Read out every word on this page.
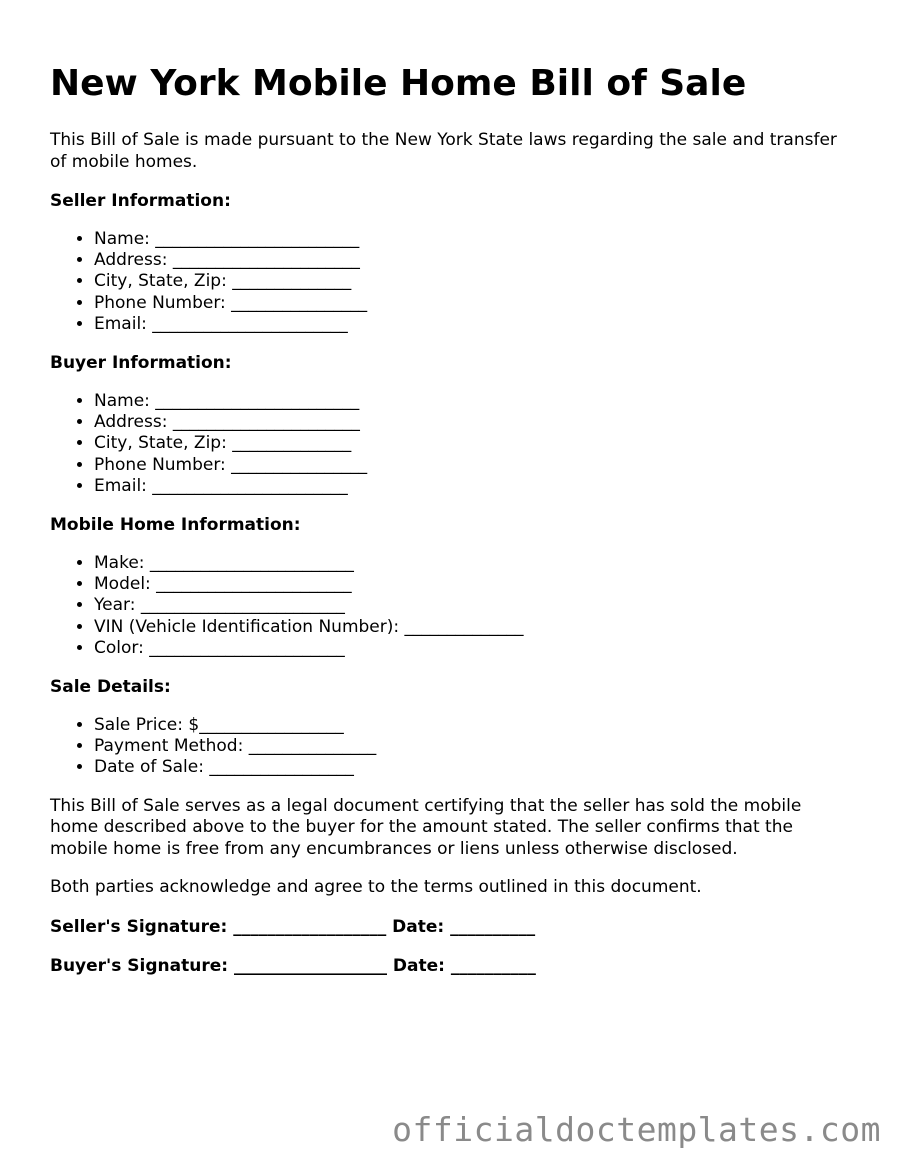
New York Mobile Home Bill of Sale

This Bill of Sale is made pursuant to the New York State laws regarding the sale and transfer of mobile homes.

Seller Information:
• Name: ________________________
• Address: ______________________
• City, State, Zip: ______________
• Phone Number: ________________
• Email: _______________________
Buyer Information:
• Name: ________________________
• Address: ______________________
• City, State, Zip: ______________
• Phone Number: ________________
• Email: _______________________
Mobile Home Information:
• Make: ________________________
• Model: _______________________
• Year: ________________________
• VIN (Vehicle Identification Number): ______________
• Color: _______________________
Sale Details:
• Sale Price: $_________________
• Payment Method: _______________
• Date of Sale: _________________

This Bill of Sale serves as a legal document certifying that the seller has sold the mobile home described above to the buyer for the amount stated. The seller confirms that the mobile home is free from any encumbrances or liens unless otherwise disclosed.

Both parties acknowledge and agree to the terms outlined in this document.

Seller's Signature: __________________ Date: __________
Buyer's Signature: __________________ Date: __________
officialdoctemplates.com
